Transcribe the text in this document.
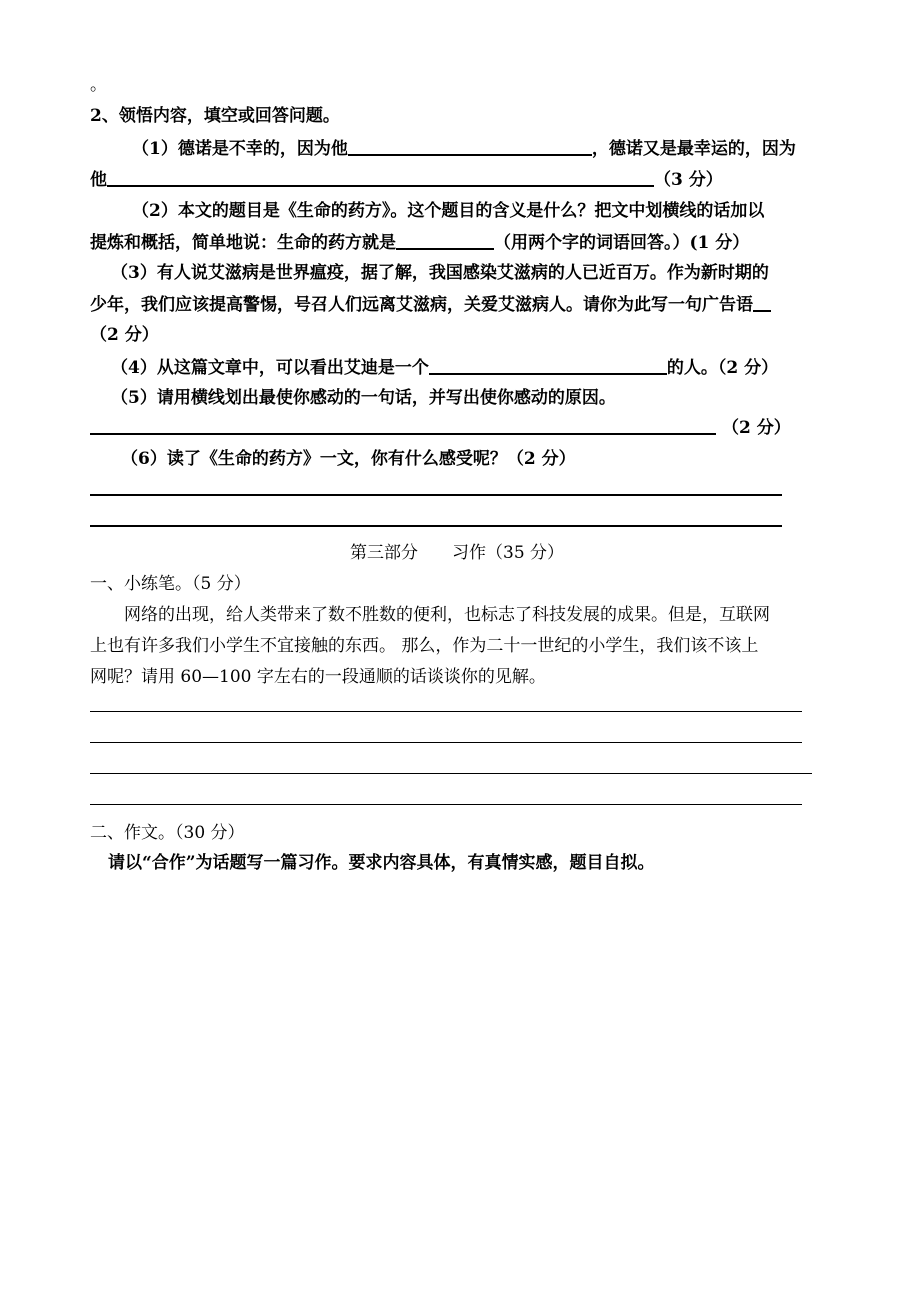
。
2、领悟内容，填空或回答问题。
（1）德诺是不幸的，因为他	，德诺又是最幸运的，因为
他	（3 分）
（2）本文的题目是《生命的药方》。这个题目的含义是什么？把文中划横线的话加以
提炼和概括，简单地说：生命的药方就是	（用两个字的词语回答。）(1 分）
（3）有人说艾滋病是世界瘟疫，据了解，我国感染艾滋病的人已近百万。作为新时期的
少年，我们应该提高警惕，号召人们远离艾滋病，关爱艾滋病人。请你为此写一句广告语
（2 分）
（4）从这篇文章中，可以看出艾迪是一个	的人。（2 分）
（5）请用横线划出最使你感动的一句话，并写出使你感动的原因。
（2 分）
（6）读了《生命的药方》一文，你有什么感受呢？（2 分）
第三部分　　习作（35 分）
一、小练笔。（5 分）
网络的出现，给人类带来了数不胜数的便利，也标志了科技发展的成果。但是，互联网
上也有许多我们小学生不宜接触的东西。 那么，作为二十一世纪的小学生，我们该不该上
网呢？请用 60—100 字左右的一段通顺的话谈谈你的见解。
二、作文。（30 分）
请以“合作”为话题写一篇习作。要求内容具体，有真情实感，题目自拟。
